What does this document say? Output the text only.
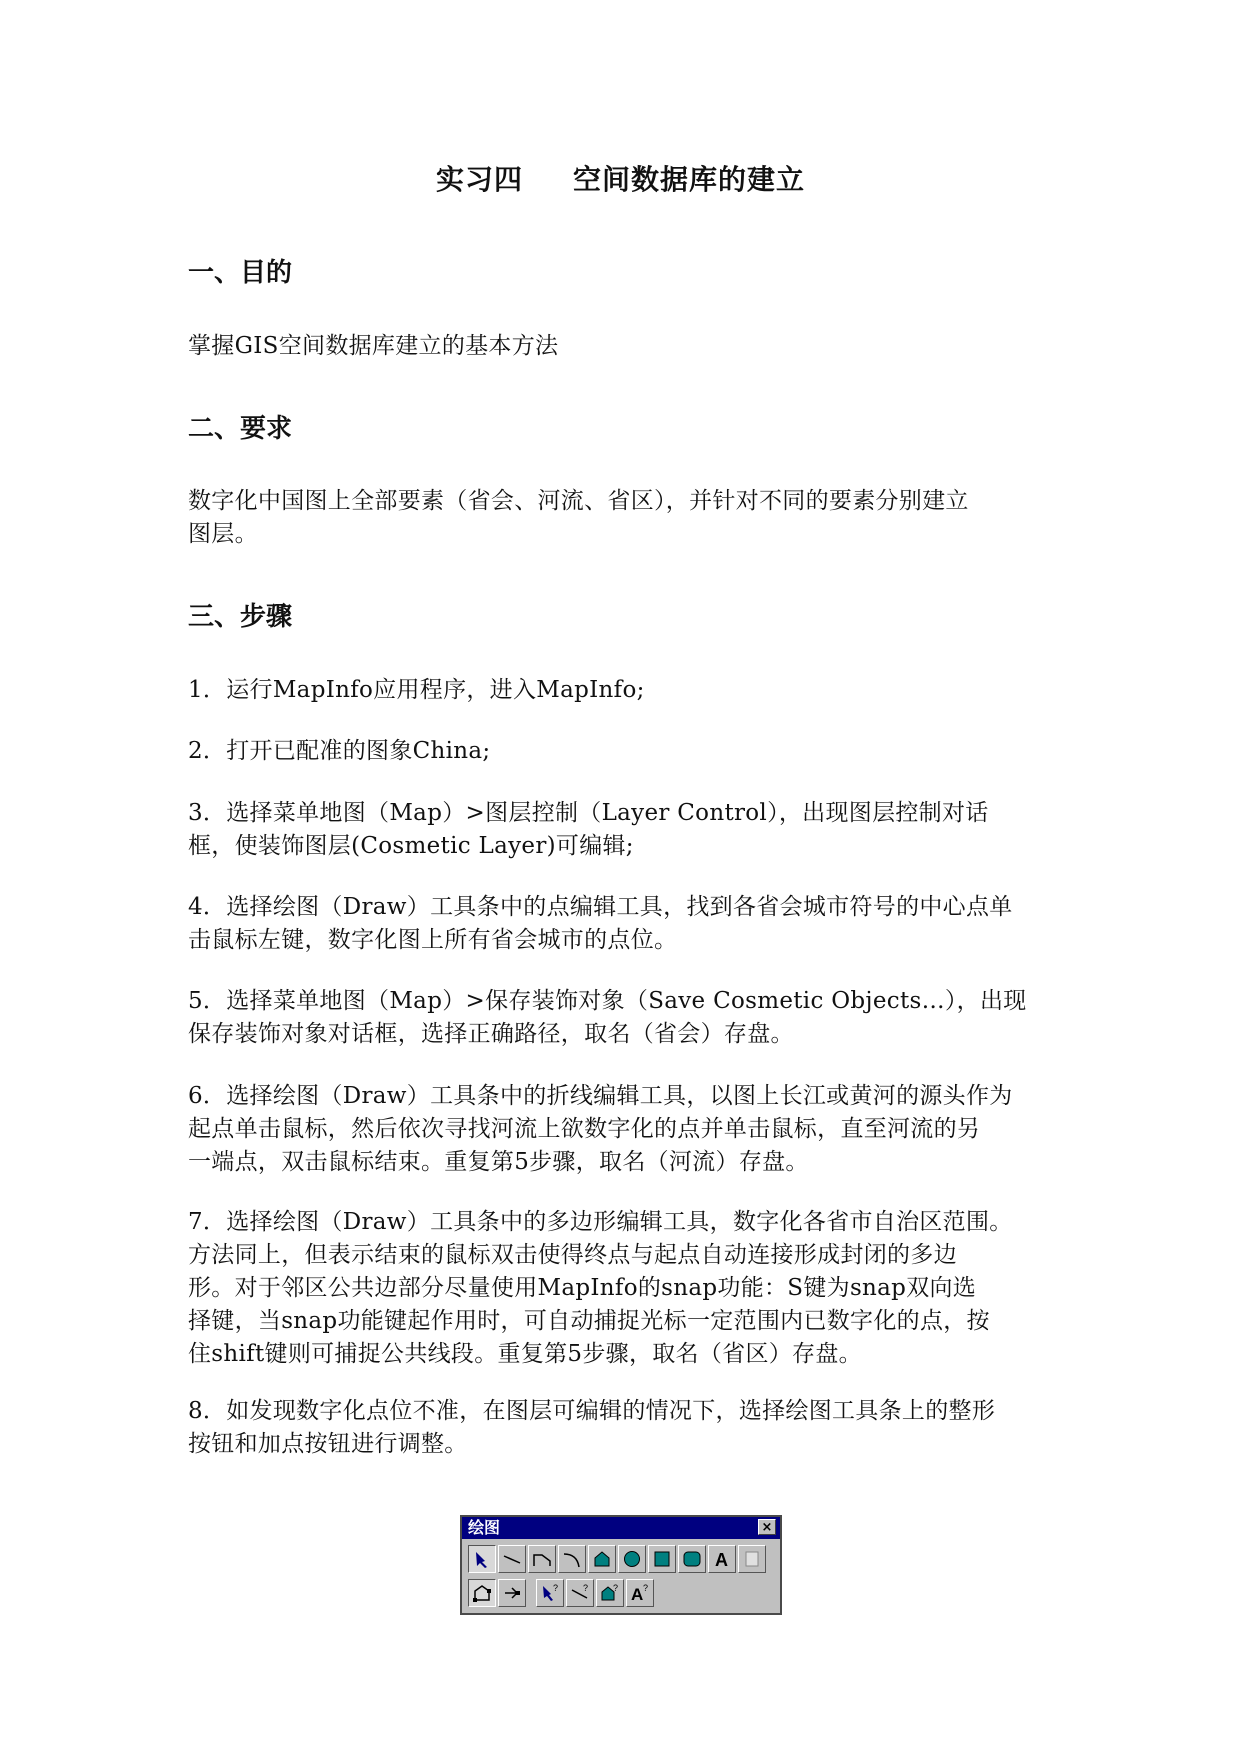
实习四 空间数据库的建立
一、目的
掌握GIS空间数据库建立的基本方法
二、要求
数字化中国图上全部要素（省会、河流、省区），并针对不同的要素分别建立
图层。
三、步骤
1．运行MapInfo应用程序，进入MapInfo;
2．打开已配准的图象China;
3．选择菜单地图（Map）>图层控制（Layer Control），出现图层控制对话
框，使装饰图层(Cosmetic Layer)可编辑;
4．选择绘图（Draw）工具条中的点编辑工具，找到各省会城市符号的中心点单
击鼠标左键，数字化图上所有省会城市的点位。
5．选择菜单地图（Map）>保存装饰对象（Save Cosmetic Objects…），出现
保存装饰对象对话框，选择正确路径，取名（省会）存盘。
6．选择绘图（Draw）工具条中的折线编辑工具，以图上长江或黄河的源头作为
起点单击鼠标，然后依次寻找河流上欲数字化的点并单击鼠标，直至河流的另
一端点，双击鼠标结束。重复第5步骤，取名（河流）存盘。
7．选择绘图（Draw）工具条中的多边形编辑工具，数字化各省市自治区范围。
方法同上，但表示结束的鼠标双击使得终点与起点自动连接形成封闭的多边
形。对于邻区公共边部分尽量使用MapInfo的snap功能：S键为snap双向选
择键，当snap功能键起作用时，可自动捕捉光标一定范围内已数字化的点，按
住shift键则可捕捉公共线段。重复第5步骤，取名（省区）存盘。
8．如发现数字化点位不准，在图层可编辑的情况下，选择绘图工具条上的整形
按钮和加点按钮进行调整。
绘图	×
A
?	?	? A ?
